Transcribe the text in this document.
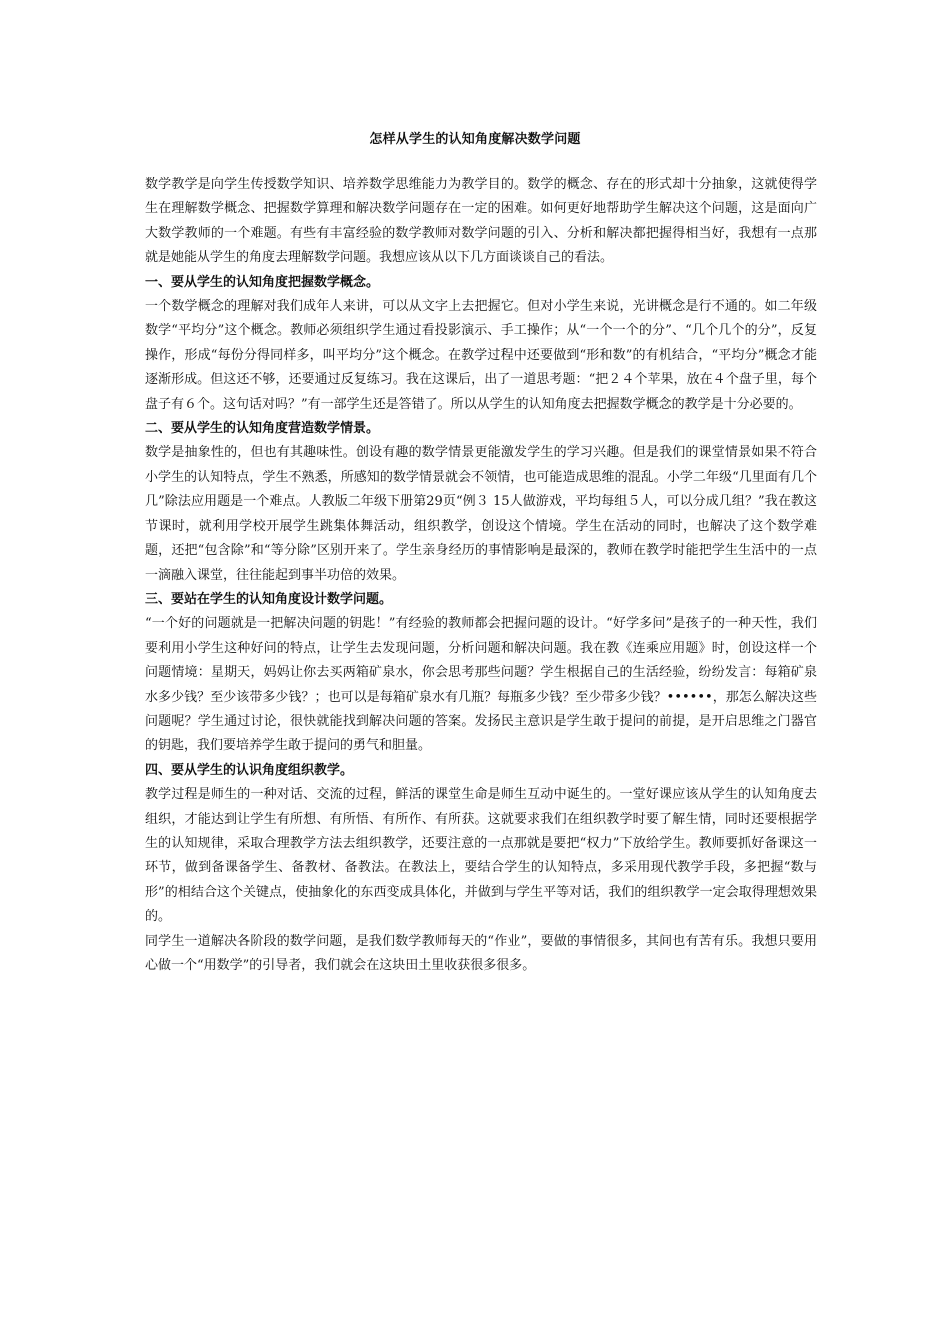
怎样从学生的认知角度解决数学问题

数学教学是向学生传授数学知识、培养数学思维能力为教学目的。数学的概念、存在的形式却十分抽象，这就使得学生在理解数学概念、把握数学算理和解决数学问题存在一定的困难。如何更好地帮助学生解决这个问题，这是面向广大数学教师的一个难题。有些有丰富经验的数学教师对数学问题的引入、分析和解决都把握得相当好，我想有一点那就是她能从学生的角度去理解数学问题。我想应该从以下几方面谈谈自己的看法。

一、要从学生的认知角度把握数学概念。

一个数学概念的理解对我们成年人来讲，可以从文字上去把握它。但对小学生来说，光讲概念是行不通的。如二年级数学“平均分”这个概念。教师必须组织学生通过看投影演示、手工操作；从“一个一个的分”、“几个几个的分”，反复操作，形成“每份分得同样多，叫平均分”这个概念。在教学过程中还要做到“形和数”的有机结合，“平均分”概念才能逐渐形成。但这还不够，还要通过反复练习。我在这课后，出了一道思考题：“把２４个苹果，放在４个盘子里，每个盘子有６个。这句话对吗？”有一部学生还是答错了。所以从学生的认知角度去把握数学概念的教学是十分必要的。

二、要从学生的认知角度营造数学情景。

数学是抽象性的，但也有其趣味性。创设有趣的数学情景更能激发学生的学习兴趣。但是我们的课堂情景如果不符合小学生的认知特点，学生不熟悉，所感知的数学情景就会不领情，也可能造成思维的混乱。小学二年级“几里面有几个几”除法应用题是一个难点。人教版二年级下册第29页“例３ 15人做游戏，平均每组５人，可以分成几组？”我在教这节课时，就利用学校开展学生跳集体舞活动，组织教学，创设这个情境。学生在活动的同时，也解决了这个数学难题，还把“包含除”和“等分除”区别开来了。学生亲身经历的事情影响是最深的，教师在教学时能把学生生活中的一点一滴融入课堂，往往能起到事半功倍的效果。

三、要站在学生的认知角度设计数学问题。

“一个好的问题就是一把解决问题的钥匙！”有经验的教师都会把握问题的设计。“好学多问”是孩子的一种天性，我们要利用小学生这种好问的特点，让学生去发现问题，分析问题和解决问题。我在教《连乘应用题》时，创设这样一个问题情境：星期天，妈妈让你去买两箱矿泉水，你会思考那些问题？学生根据自己的生活经验，纷纷发言：每箱矿泉水多少钱？至少该带多少钱？；也可以是每箱矿泉水有几瓶？每瓶多少钱？至少带多少钱？••••••，那怎么解决这些问题呢？学生通过讨论，很快就能找到解决问题的答案。发扬民主意识是学生敢于提问的前提，是开启思维之门器官的钥匙，我们要培养学生敢于提问的勇气和胆量。

四、要从学生的认识角度组织教学。

教学过程是师生的一种对话、交流的过程，鲜活的课堂生命是师生互动中诞生的。一堂好课应该从学生的认知角度去组织，才能达到让学生有所想、有所悟、有所作、有所获。这就要求我们在组织教学时要了解生情，同时还要根据学生的认知规律，采取合理教学方法去组织教学，还要注意的一点那就是要把“权力”下放给学生。教师要抓好备课这一环节，做到备课备学生、备教材、备教法。在教法上，要结合学生的认知特点，多采用现代教学手段，多把握“数与形”的相结合这个关键点，使抽象化的东西变成具体化，并做到与学生平等对话，我们的组织教学一定会取得理想效果的。

同学生一道解决各阶段的数学问题，是我们数学教师每天的“作业”，要做的事情很多，其间也有苦有乐。我想只要用心做一个“用数学”的引导者，我们就会在这块田土里收获很多很多。
